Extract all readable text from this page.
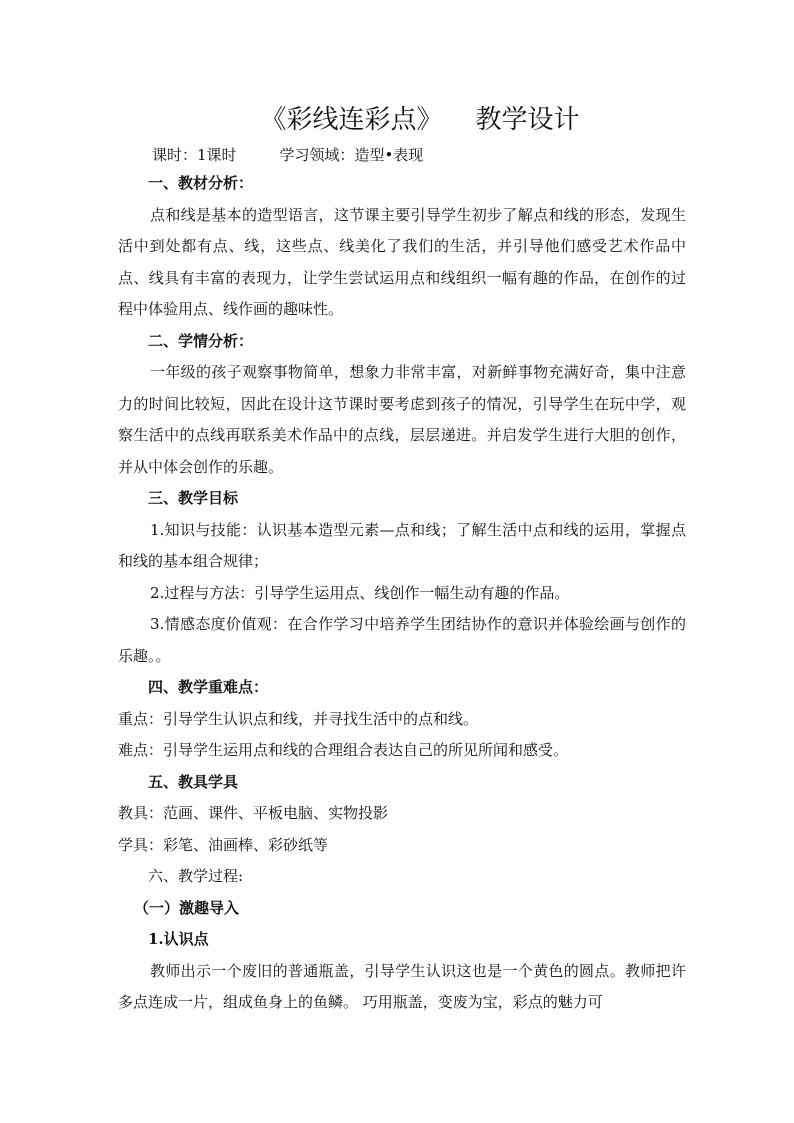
《彩线连彩点》    教学设计
课时：1课时         学习领域：造型•表现
一、教材分析：
点和线是基本的造型语言，这节课主要引导学生初步了解点和线的形态，发现生活中到处都有点、线，这些点、线美化了我们的生活，并引导他们感受艺术作品中点、线具有丰富的表现力，让学生尝试运用点和线组织一幅有趣的作品，在创作的过程中体验用点、线作画的趣味性。
二、学情分析：
一年级的孩子观察事物简单，想象力非常丰富，对新鲜事物充满好奇，集中注意力的时间比较短，因此在设计这节课时要考虑到孩子的情况，引导学生在玩中学，观察生活中的点线再联系美术作品中的点线，层层递进。并启发学生进行大胆的创作，并从中体会创作的乐趣。
三、教学目标
1.知识与技能：认识基本造型元素—点和线；了解生活中点和线的运用，掌握点和线的基本组合规律；
2.过程与方法：引导学生运用点、线创作一幅生动有趣的作品。
3.情感态度价值观：在合作学习中培养学生团结协作的意识并体验绘画与创作的乐趣。。
四、教学重难点：
重点：引导学生认识点和线，并寻找生活中的点和线。
难点：引导学生运用点和线的合理组合表达自己的所见所闻和感受。
五、教具学具
教具：范画、课件、平板电脑、实物投影
学具：彩笔、油画棒、彩砂纸等
六、教学过程:
（一）激趣导入
1.认识点
教师出示一个废旧的普通瓶盖，引导学生认识这也是一个黄色的圆点。教师把许多点连成一片，组成鱼身上的鱼鳞。 巧用瓶盖，变废为宝，彩点的魅力可
